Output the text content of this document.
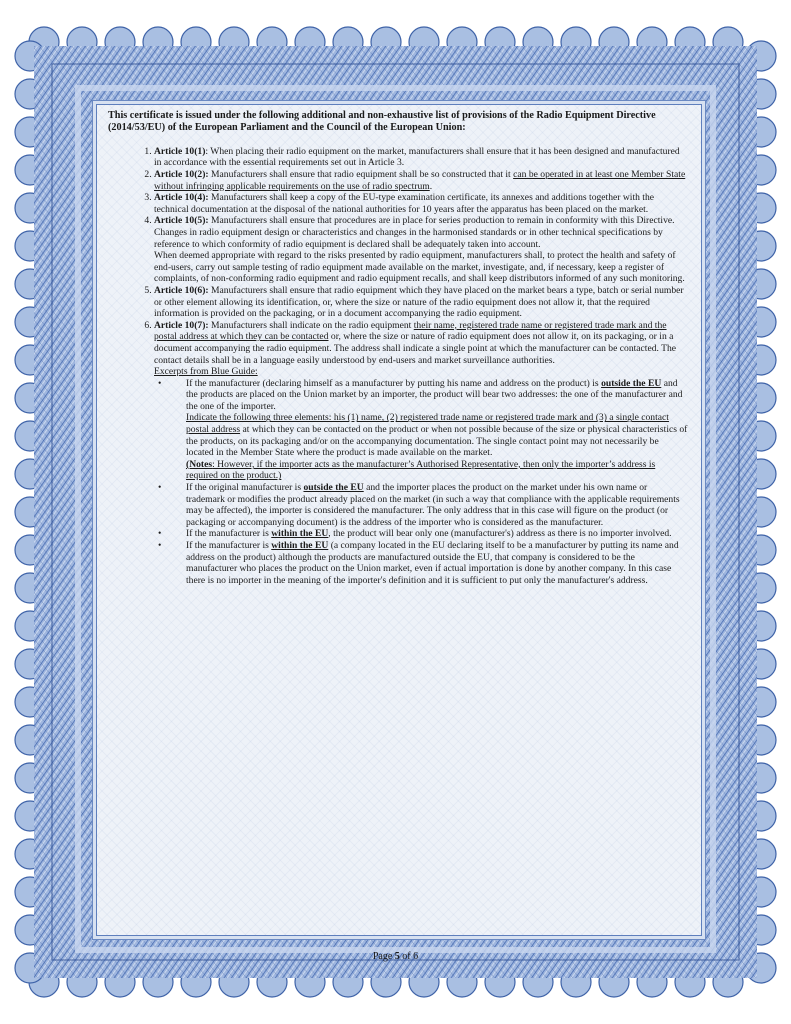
This certificate is issued under the following additional and non-exhaustive list of provisions of the Radio Equipment Directive (2014/53/EU) of the European Parliament and the Council of the European Union:

1. Article 10(1): When placing their radio equipment on the market, manufacturers shall ensure that it has been designed and manufactured in accordance with the essential requirements set out in Article 3.
2. Article 10(2): Manufacturers shall ensure that radio equipment shall be so constructed that it can be operated in at least one Member State without infringing applicable requirements on the use of radio spectrum.
3. Article 10(4): Manufacturers shall keep a copy of the EU-type examination certificate, its annexes and additions together with the technical documentation at the disposal of the national authorities for 10 years after the apparatus has been placed on the market.
4. Article 10(5): Manufacturers shall ensure that procedures are in place for series production to remain in conformity with this Directive. Changes in radio equipment design or characteristics and changes in the harmonised standards or in other technical specifications by reference to which conformity of radio equipment is declared shall be adequately taken into account.

When deemed appropriate with regard to the risks presented by radio equipment, manufacturers shall, to protect the health and safety of end-users, carry out sample testing of radio equipment made available on the market, investigate, and, if necessary, keep a register of complaints, of non-conforming radio equipment and radio equipment recalls, and shall keep distributors informed of any such monitoring.

5. Article 10(6): Manufacturers shall ensure that radio equipment which they have placed on the market bears a type, batch or serial number or other element allowing its identification, or, where the size or nature of the radio equipment does not allow it, that the required information is provided on the packaging, or in a document accompanying the radio equipment.
6. Article 10(7): Manufacturers shall indicate on the radio equipment their name, registered trade name or registered trade mark and the postal address at which they can be contacted or, where the size or nature of radio equipment does not allow it, on its packaging, or in a document accompanying the radio equipment. The address shall indicate a single point at which the manufacturer can be contacted. The contact details shall be in a language easily understood by end-users and market surveillance authorities.

Excerpts from Blue Guide:

•	If the manufacturer (declaring himself as a manufacturer by putting his name and address on the product) is outside the EU and the products are placed on the Union market by an importer, the product will bear two addresses: the one of the manufacturer and the one of the importer.
Indicate the following three elements: his (1) name, (2) registered trade name or registered trade mark and (3) a single contact postal address at which they can be contacted on the product or when not possible because of the size or physical characteristics of the products, on its packaging and/or on the accompanying documentation. The single contact point may not necessarily be located in the Member State where the product is made available on the market.
(Notes: However, if the importer acts as the manufacturer’s Authorised Representative, then only the importer’s address is required on the product.)
•	If the original manufacturer is outside the EU and the importer places the product on the market under his own name or trademark or modifies the product already placed on the market (in such a way that compliance with the applicable requirements may be affected), the importer is considered the manufacturer. The only address that in this case will figure on the product (or packaging or accompanying document) is the address of the importer who is considered as the manufacturer.
•	If the manufacturer is within the EU, the product will bear only one (manufacturer's) address as there is no importer involved.
•	If the manufacturer is within the EU (a company located in the EU declaring itself to be a manufacturer by putting its name and address on the product) although the products are manufactured outside the EU, that company is considered to be the manufacturer who places the product on the Union market, even if actual importation is done by another company. In this case there is no importer in the meaning of the importer's definition and it is sufficient to put only the manufacturer's address.
Page 5 of 6
